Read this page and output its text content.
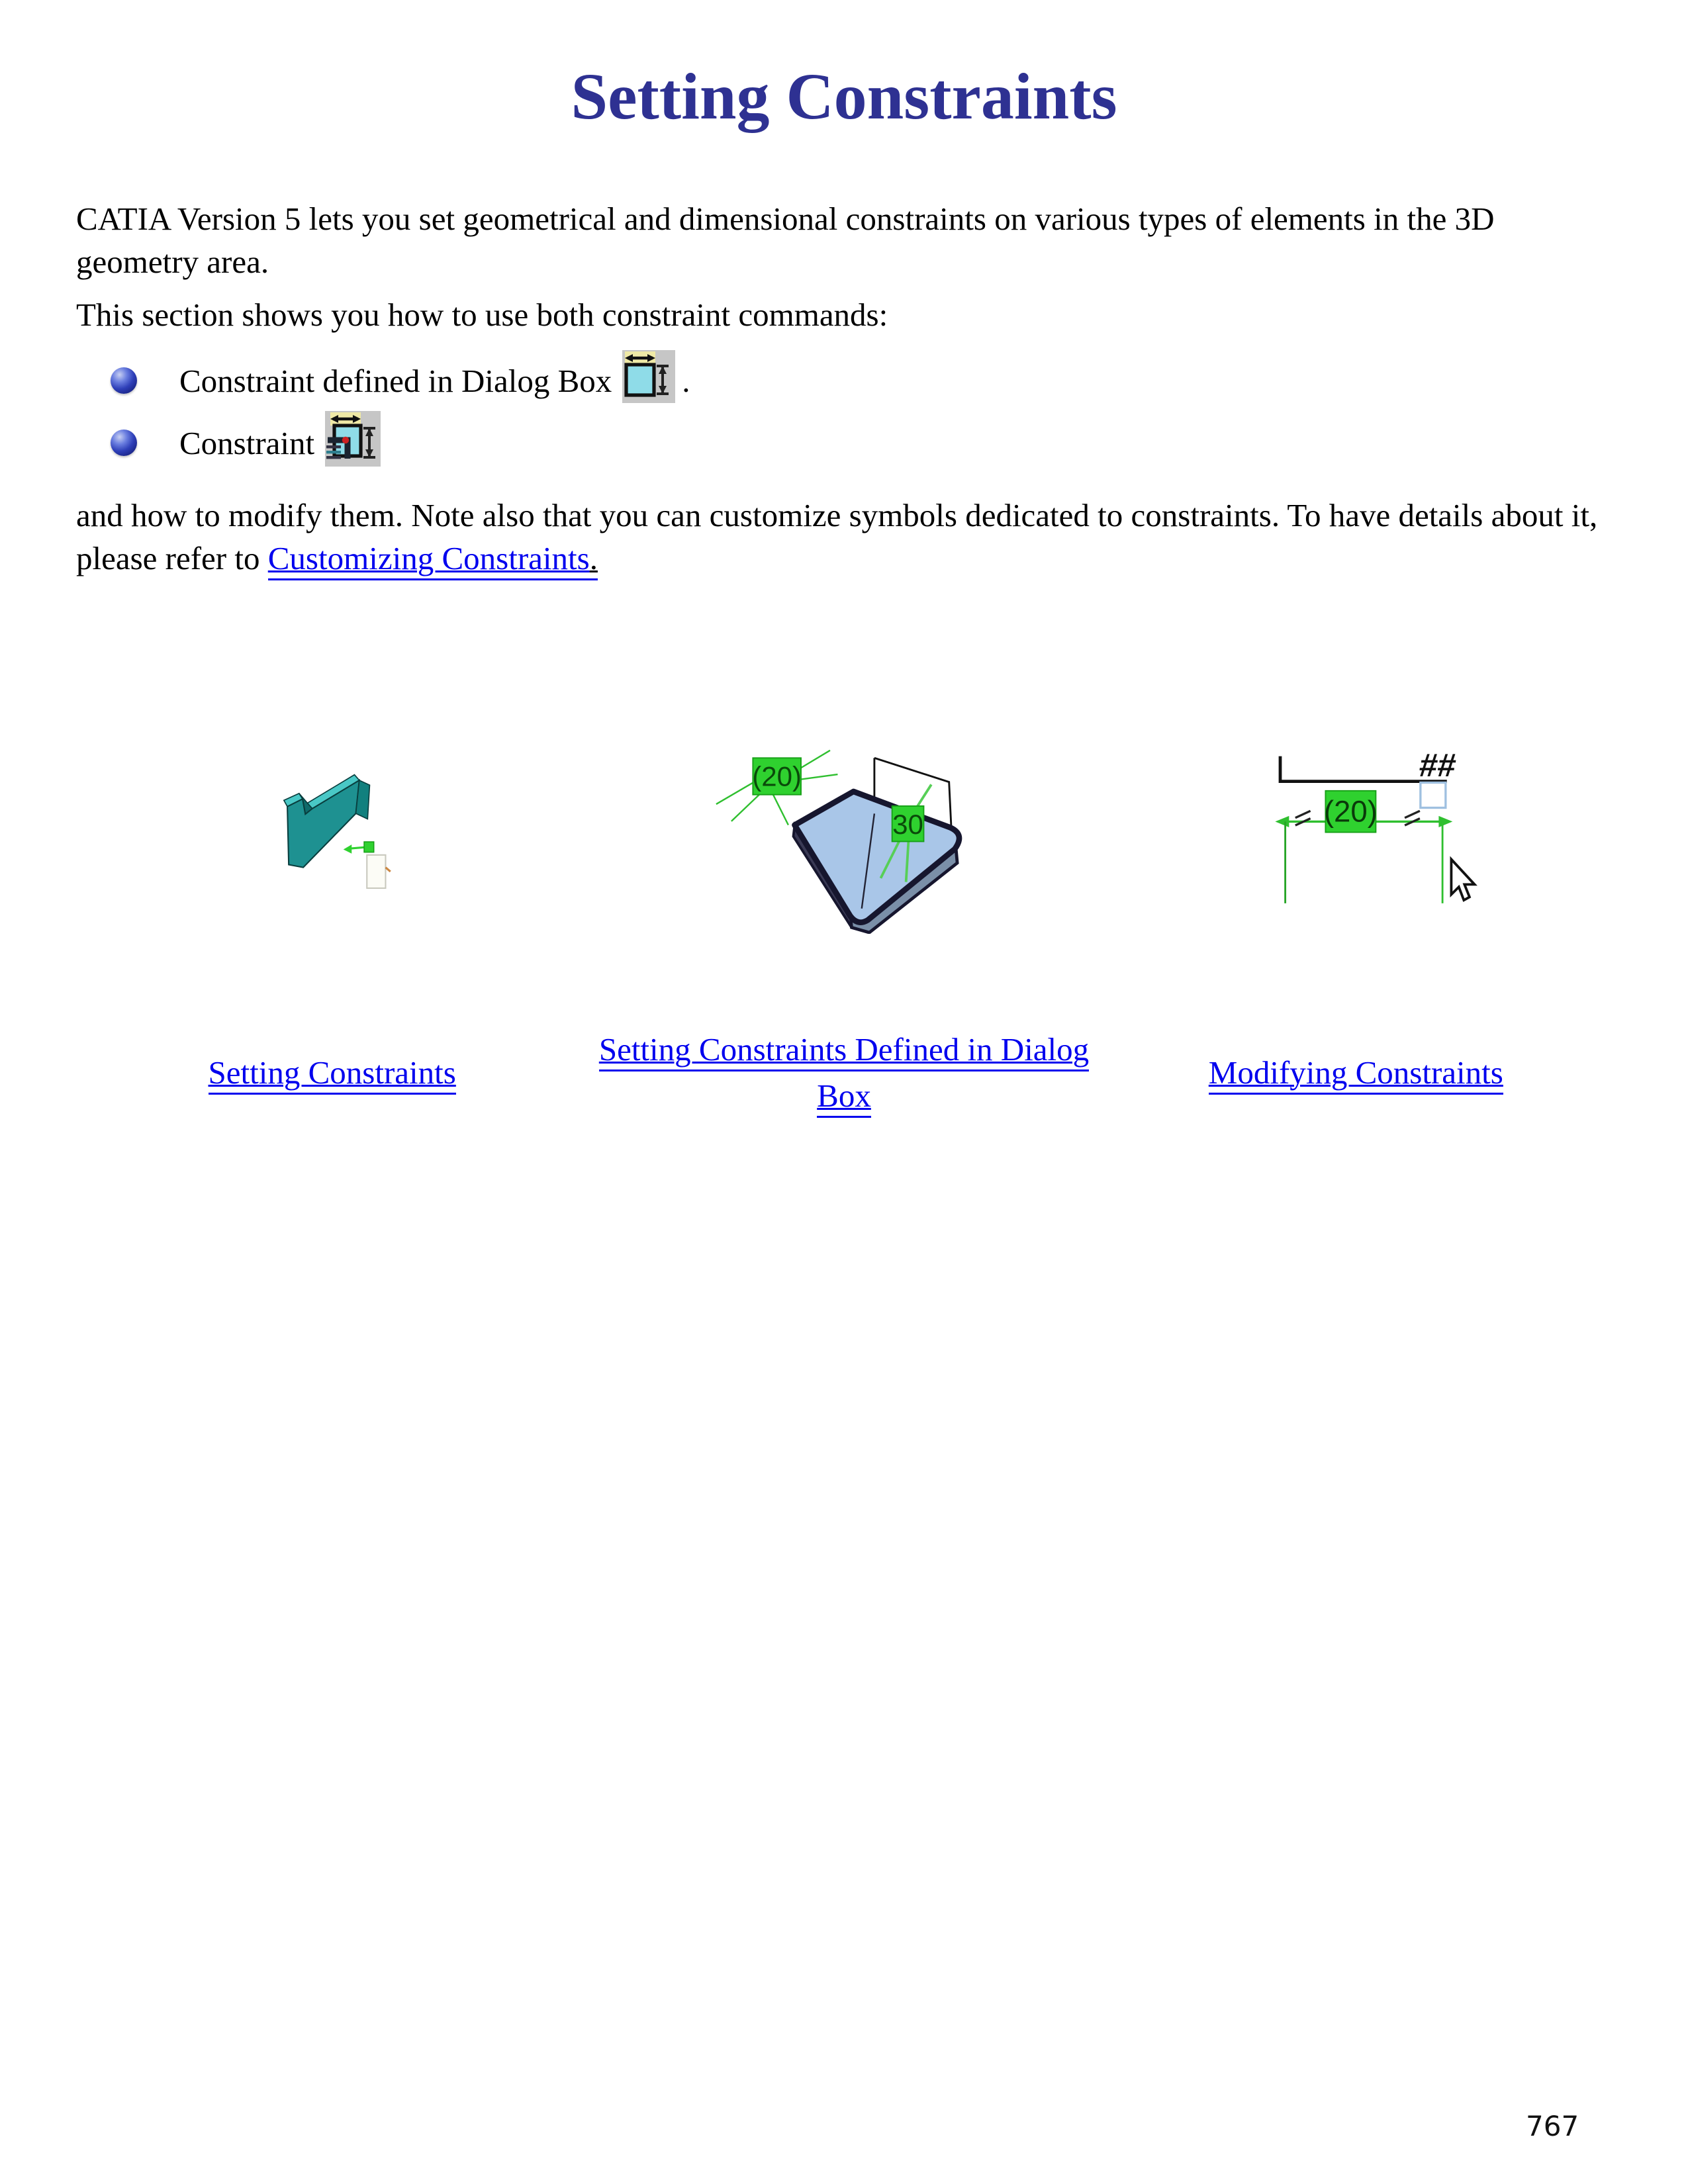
Setting Constraints

CATIA Version 5 lets you set geometrical and dimensional constraints on various types of elements in the 3D geometry area.

This section shows you how to use both constraint commands:

Constraint defined in Dialog Box .
Constraint

and how to modify them. Note also that you can customize symbols dedicated to constraints. To have details about it, please refer to Customizing Constraints.

(20)
30
##
(20)
Setting Constraints
Setting Constraints Defined in Dialog Box
Modifying Constraints
767
